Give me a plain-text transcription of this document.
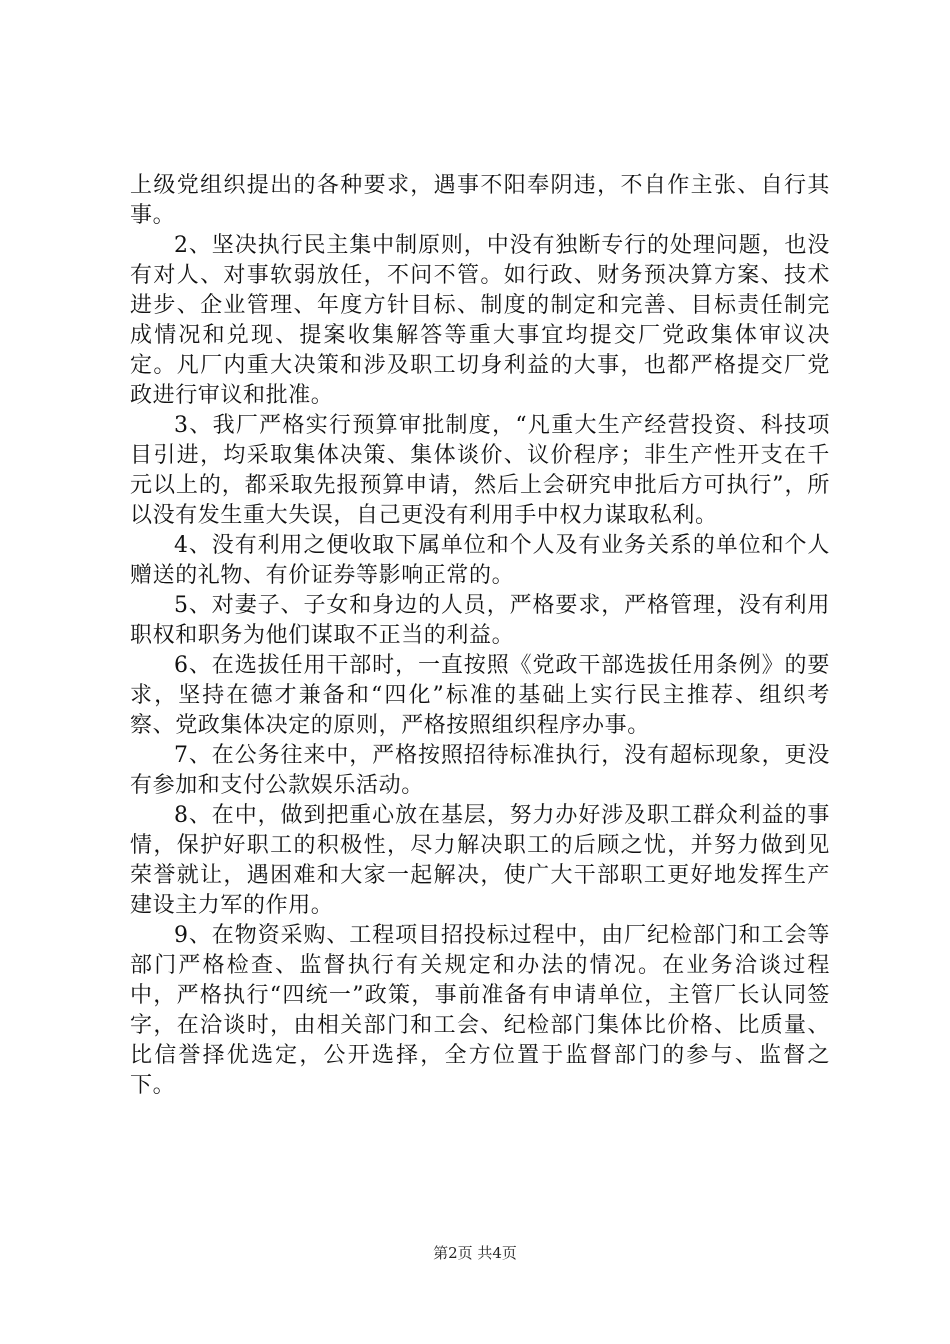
上级党组织提出的各种要求，遇事不阳奉阴违，不自作主张、自行其事。

2、坚决执行民主集中制原则，中没有独断专行的处理问题，也没有对人、对事软弱放任，不问不管。如行政、财务预决算方案、技术进步、企业管理、年度方针目标、制度的制定和完善、目标责任制完成情况和兑现、提案收集解答等重大事宜均提交厂党政集体审议决定。凡厂内重大决策和涉及职工切身利益的大事，也都严格提交厂党政进行审议和批准。

3、我厂严格实行预算审批制度，“凡重大生产经营投资、科技项目引进，均采取集体决策、集体谈价、议价程序；非生产性开支在千元以上的，都采取先报预算申请，然后上会研究申批后方可执行”，所以没有发生重大失误，自己更没有利用手中权力谋取私利。

4、没有利用之便收取下属单位和个人及有业务关系的单位和个人赠送的礼物、有价证券等影响正常的。

5、对妻子、子女和身边的人员，严格要求，严格管理，没有利用职权和职务为他们谋取不正当的利益。

6、在选拔任用干部时，一直按照《党政干部选拔任用条例》的要求，坚持在德才兼备和“四化”标准的基础上实行民主推荐、组织考察、党政集体决定的原则，严格按照组织程序办事。

7、在公务往来中，严格按照招待标准执行，没有超标现象，更没有参加和支付公款娱乐活动。

8、在中，做到把重心放在基层，努力办好涉及职工群众利益的事情，保护好职工的积极性，尽力解决职工的后顾之忧，并努力做到见荣誉就让，遇困难和大家一起解决，使广大干部职工更好地发挥生产建设主力军的作用。

9、在物资采购、工程项目招投标过程中，由厂纪检部门和工会等部门严格检查、监督执行有关规定和办法的情况。在业务洽谈过程中，严格执行“四统一”政策，事前准备有申请单位，主管厂长认同签字，在洽谈时，由相关部门和工会、纪检部门集体比价格、比质量、比信誉择优选定，公开选择，全方位置于监督部门的参与、监督之下。

第2页 共4页
